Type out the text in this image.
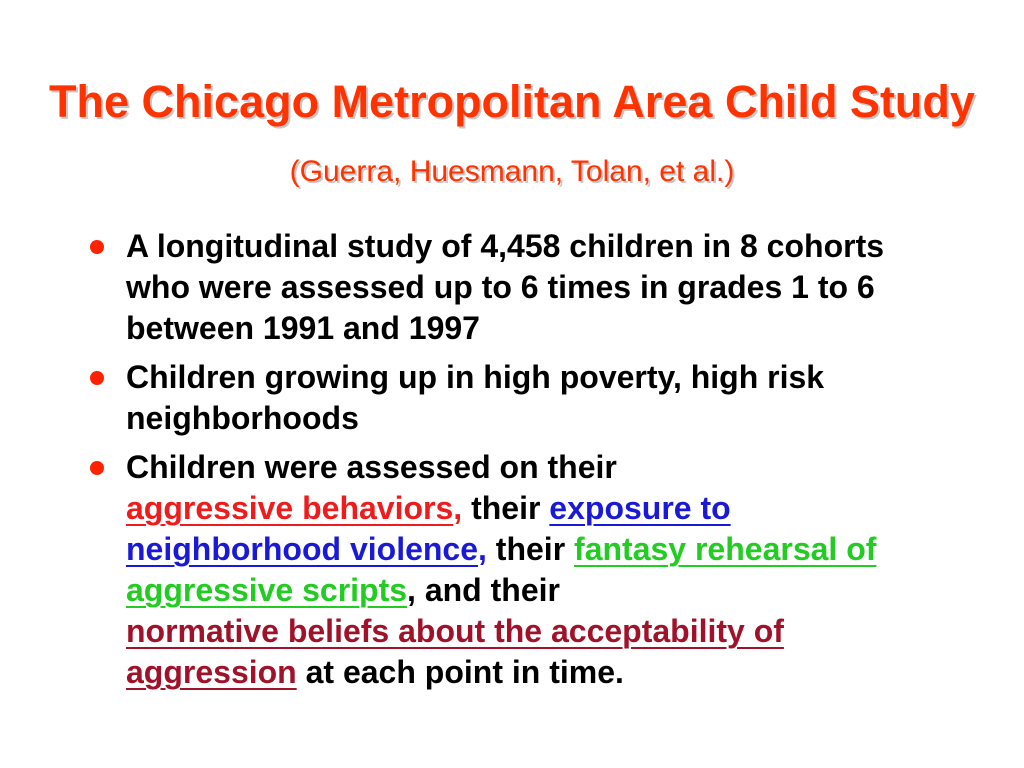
The Chicago Metropolitan Area Child Study (Guerra, Huesmann, Tolan, et al.)
A longitudinal study of 4,458 children in 8 cohorts who were assessed up to 6 times in grades 1 to 6 between 1991 and 1997
Children growing up in high poverty, high risk neighborhoods
Children were assessed on their
aggressive behaviors, their exposure to neighborhood violence, their fantasy rehearsal of aggressive scripts, and their
normative beliefs about the acceptability of aggression at each point in time.
